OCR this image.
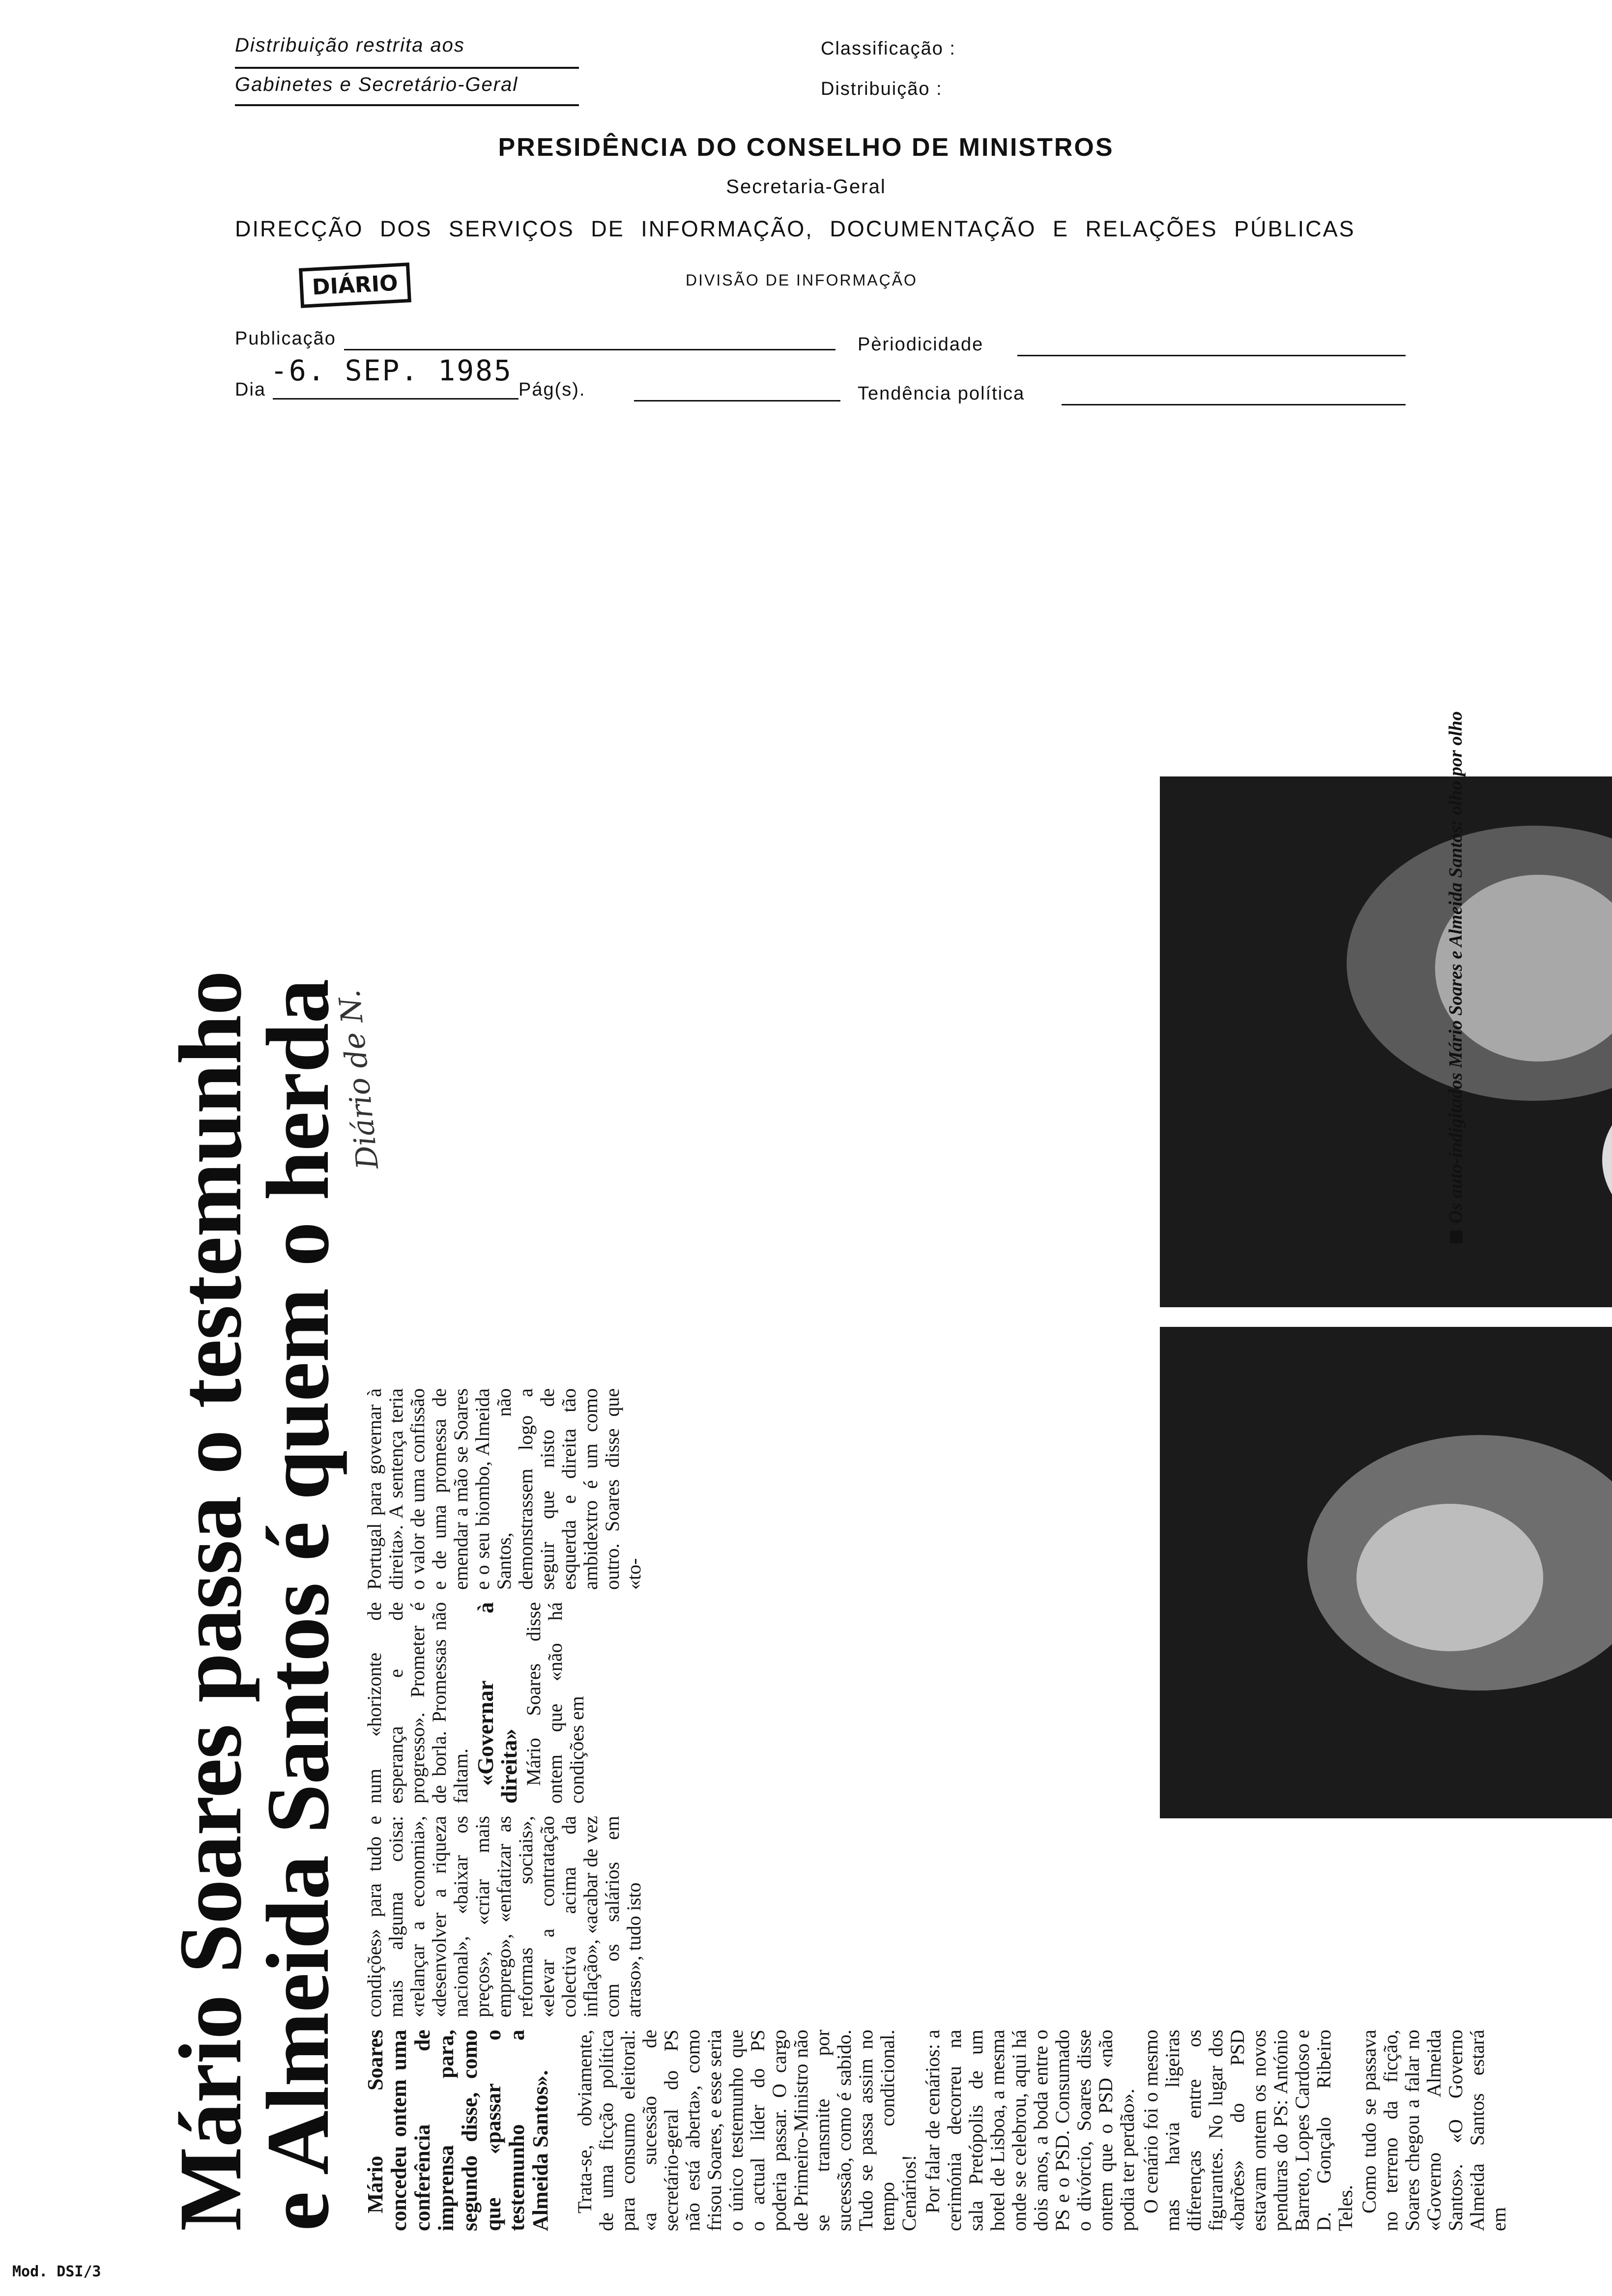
Distribuição restrita aos
Gabinetes e Secretário-Geral
Classificação :
Distribuição :
PRESIDÊNCIA DO CONSELHO DE MINISTROS
Secretaria-Geral
DIRECÇÃO DOS SERVIÇOS DE INFORMAÇÃO, DOCUMENTAÇÃO E RELAÇÕES PÚBLICAS
DIÁRIO	DIVISÃO DE INFORMAÇÃO
Publicação	Pèriodicidade
Dia
-6. SEP. 1985
Pág(s).	Tendência política
Mod. DSI/3
Mário Soares passa o testemunho
e Almeida Santos é quem o herda
Diário de N.

Mário Soares concedeu ontem uma conferência de imprensa para, segundo disse, como que «passar o testemunho a Almeida Santos». Trata-se, obviamente, de uma ficção política para consumo eleitoral: «a sucessão de secretário-geral do PS não está aberta», como frisou Soares, e esse seria o único testemunho que o actual líder do PS poderia passar. O cargo de Primeiro-Ministro não se transmite por sucessão, como é sabido. Tudo se passa assim no tempo condicional. Cenários! Por falar de cenários: a cerimónia decorreu na sala Pretópolis de um hotel de Lisboa, a mesma onde se celebrou, aqui há dois anos, a boda entre o PS e o PSD. Consumado o divórcio, Soares disse ontem que o PSD «não podia ter perdão». O cenário foi o mesmo mas havia ligeiras diferenças entre os figurantes. No lugar dos «barões» do PSD estavam ontem os novos penduras do PS: António Barreto, Lopes Cardoso e D. Gonçalo Ribeiro Teles. Como tudo se passava no terreno da ficção, Soares chegou a falar no «Governo Almeida Santos». «O Governo Almeida Santos estará em

condições» para tudo e mais alguma coisa: «relançar a economia», «desenvolver a riqueza nacional», «baixar os preços», «criar mais emprego», «enfatizar as reformas sociais», «elevar a contratação colectiva acima da inflação», «acabar de vez com os salários em atraso», tudo isto

num «horizonte de esperança e de progresso». Prometer é de borla. Promessas não faltam. «Governar à direita» Mário Soares disse ontem que «não há condições em

Portugal para governar à direita». A sentença teria o valor de uma confissão e de uma promessa de emendar a mão se Soares e o seu biombo, Almeida Santos, não demonstrassem logo a seguir que nisto de esquerda e direita tão ambidextro é um como outro. Soares disse que «to-

Os auto-indigitados Mário Soares e Almeida Santos: olho por olho
